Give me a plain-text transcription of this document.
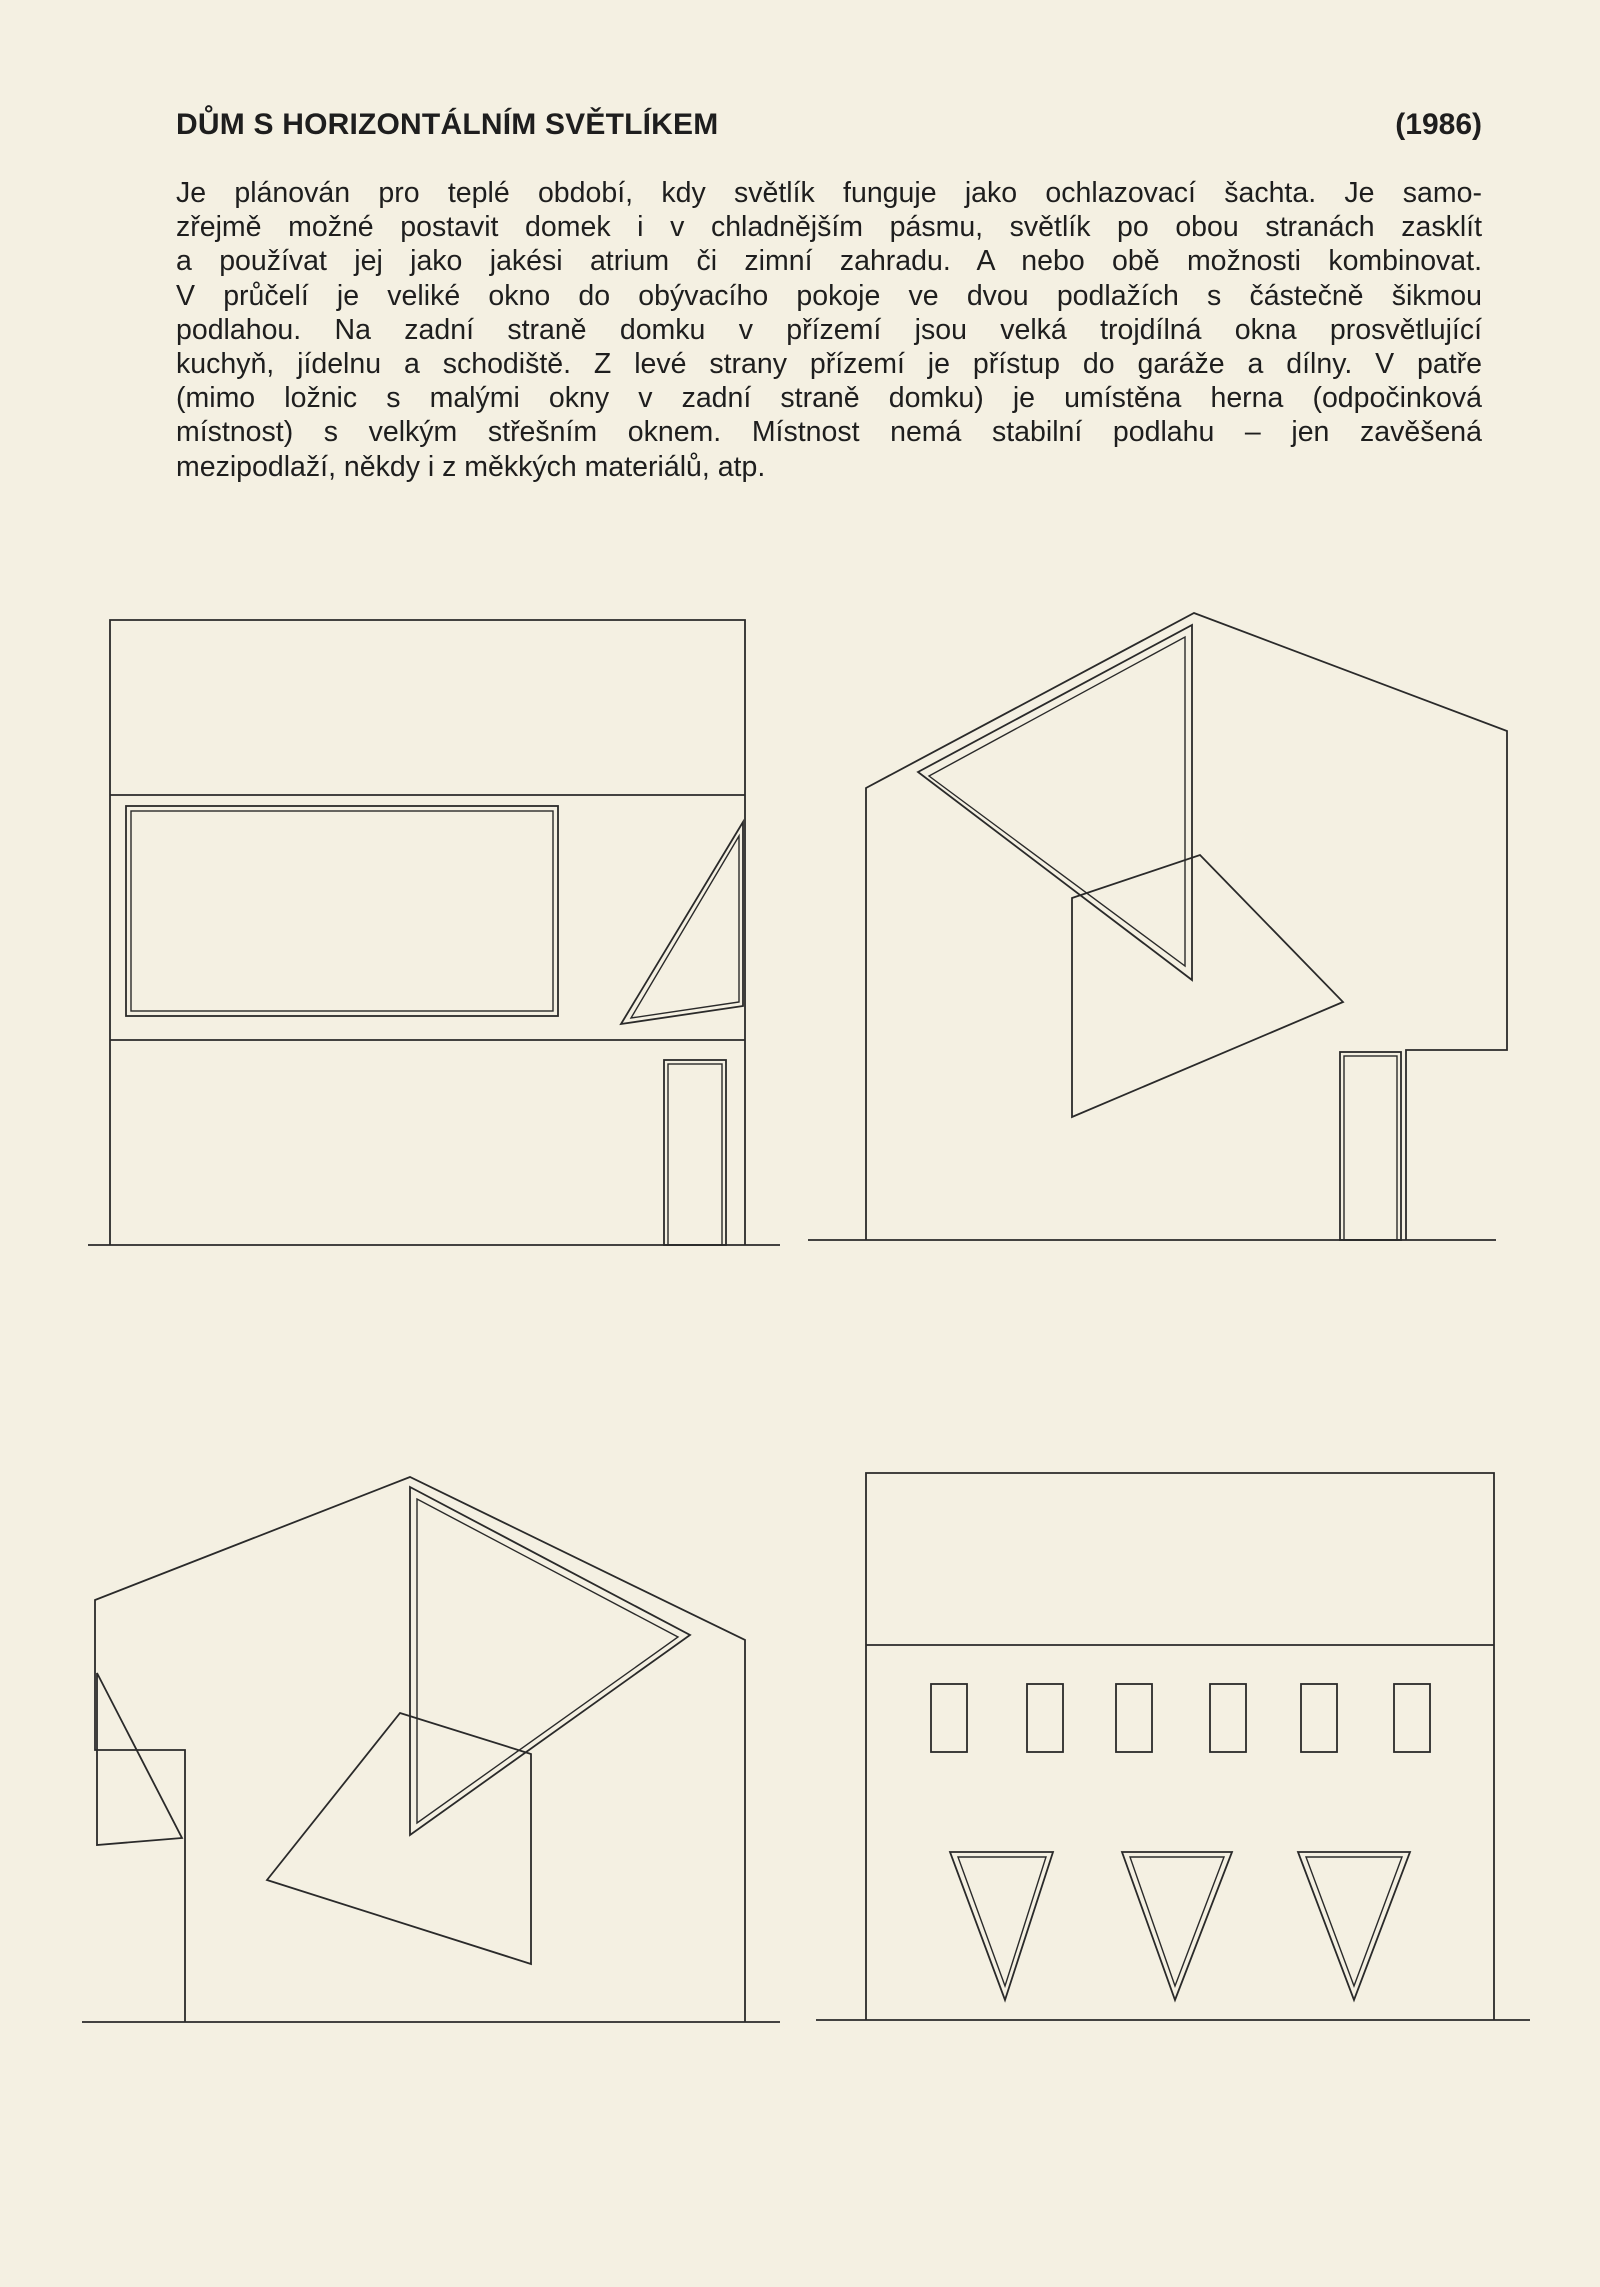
DŮM S HORIZONTÁLNÍM SVĚTLÍKEM	(1986)
Je plánován pro teplé období, kdy světlík funguje jako ochlazovací šachta. Je samo-
zřejmě možné postavit domek i v chladnějším pásmu, světlík po obou stranách zasklít
a používat jej jako jakési atrium či zimní zahradu. A nebo obě možnosti kombinovat.
V průčelí je veliké okno do obývacího pokoje ve dvou podlažích s částečně šikmou
podlahou. Na zadní straně domku v přízemí jsou velká trojdílná okna prosvětlující
kuchyň, jídelnu a schodiště. Z levé strany přízemí je přístup do garáže a dílny. V patře
(mimo ložnic s malými okny v zadní straně domku) je umístěna herna (odpočinková
místnost) s velkým střešním oknem. Místnost nemá stabilní podlahu – jen zavěšená
mezipodlaží, někdy i z měkkých materiálů, atp.
